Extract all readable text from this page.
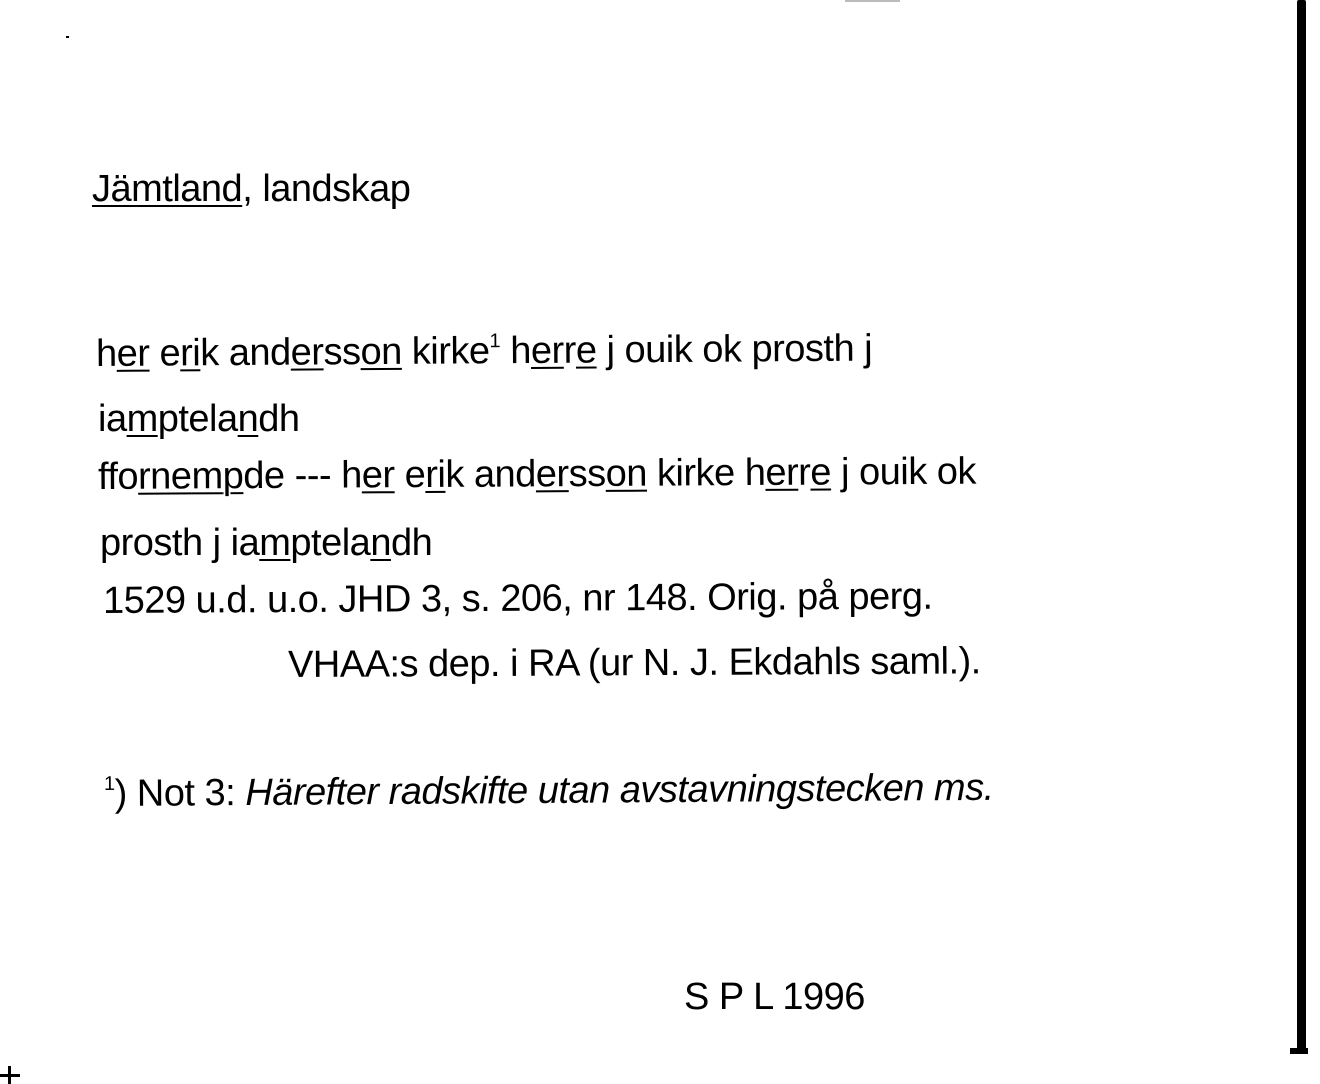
Jämtland, landskap
her erik andersson kirke$^1$ herre j ouik ok prosth j
iamptelandh
ffornempde --- her erik andersson kirke herre j ouik ok
prosth j iamptelandh
1529 u.d. u.o. JHD 3, s. 206, nr 148. Orig. på perg.
VHAA:s dep. i RA (ur N. J. Ekdahls saml.).
$^1$) Not 3: Härefter radskifte utan avstavningstecken ms.
S P L 1996
